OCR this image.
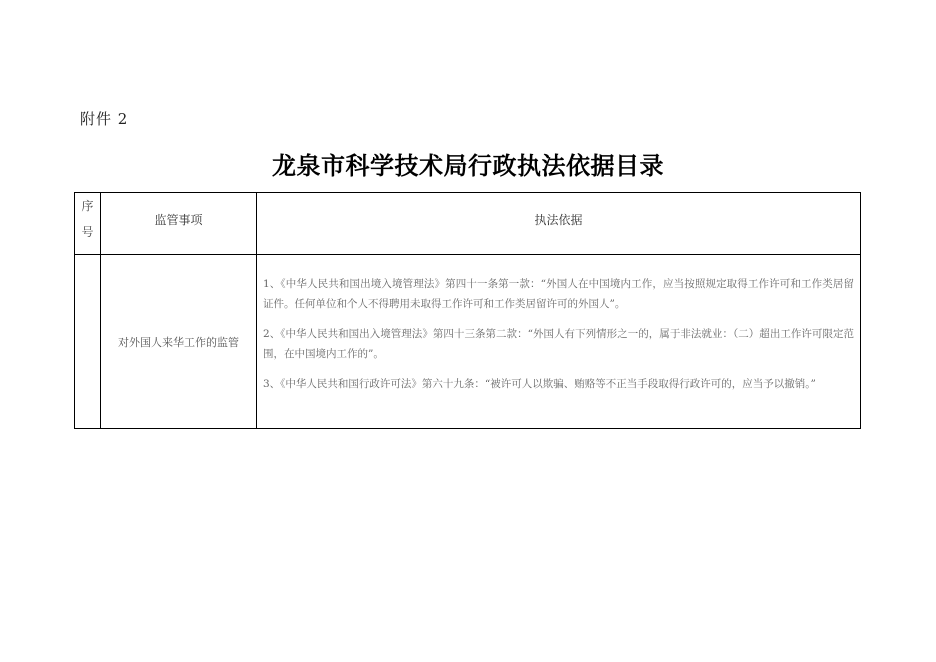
附件 2
龙泉市科学技术局行政执法依据目录
序
号	监管事项	执法依据
	对外国人来华工作的监管	1、《中华人民共和国出境入境管理法》第四十一条第一款：“外国人在中国境内工作，应当按照规定取得工作许可和工作类居留证件。任何单位和个人不得聘用未取得工作许可和工作类居留许可的外国人”。

2、《中华人民共和国出入境管理法》第四十三条第二款：“外国人有下列情形之一的，属于非法就业：（二）超出工作许可限定范围，在中国境内工作的”。

3、《中华人民共和国行政许可法》第六十九条：“被许可人以欺骗、贿赂等不正当手段取得行政许可的，应当予以撤销。”
